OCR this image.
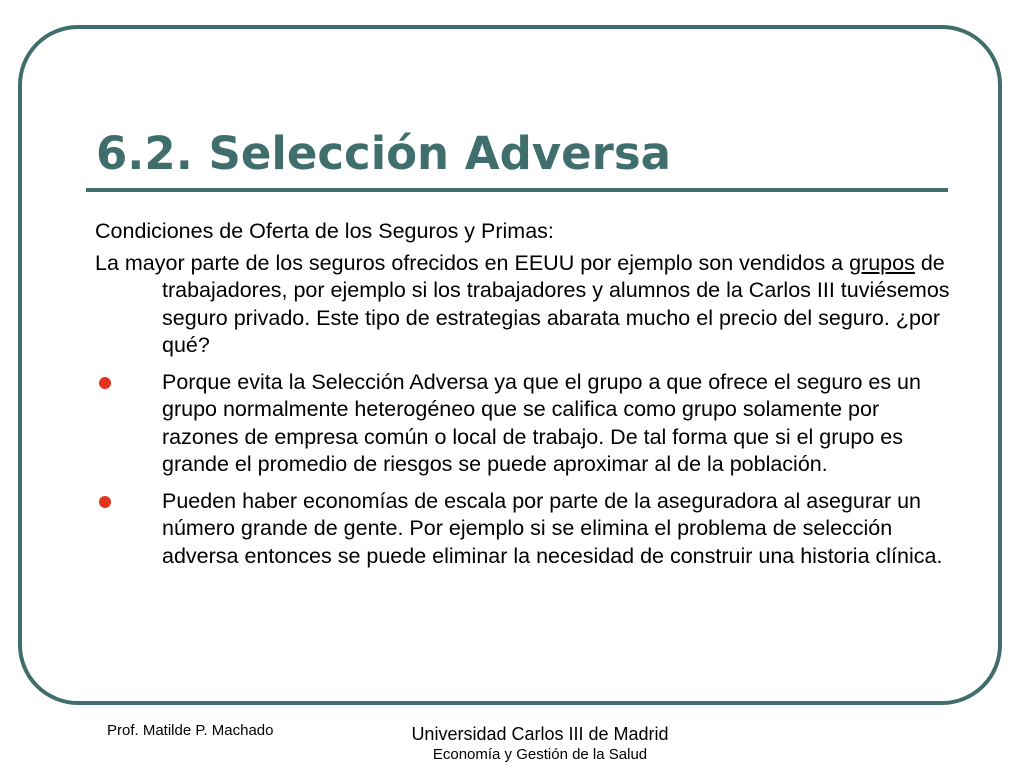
6.2. Selección Adversa

Condiciones de Oferta de los Seguros y Primas:

La mayor parte de los seguros ofrecidos en EEUU por ejemplo son vendidos a grupos de trabajadores, por ejemplo si los trabajadores y alumnos de la Carlos III tuviésemos seguro privado. Este tipo de estrategias abarata mucho el precio del seguro. ¿por qué?

Porque evita la Selección Adversa ya que el grupo a que ofrece el seguro es un grupo normalmente heterogéneo que se califica como grupo solamente por razones de empresa común o local de trabajo. De tal forma que si el grupo es grande el promedio de riesgos se puede aproximar al de la población.
Pueden haber economías de escala por parte de la aseguradora al asegurar un número grande de gente. Por ejemplo si se elimina el problema de selección adversa entonces se puede eliminar la necesidad de construir una historia clínica.
Prof. Matilde P. Machado	Universidad Carlos III de Madrid
Economía y Gestión de la Salud
